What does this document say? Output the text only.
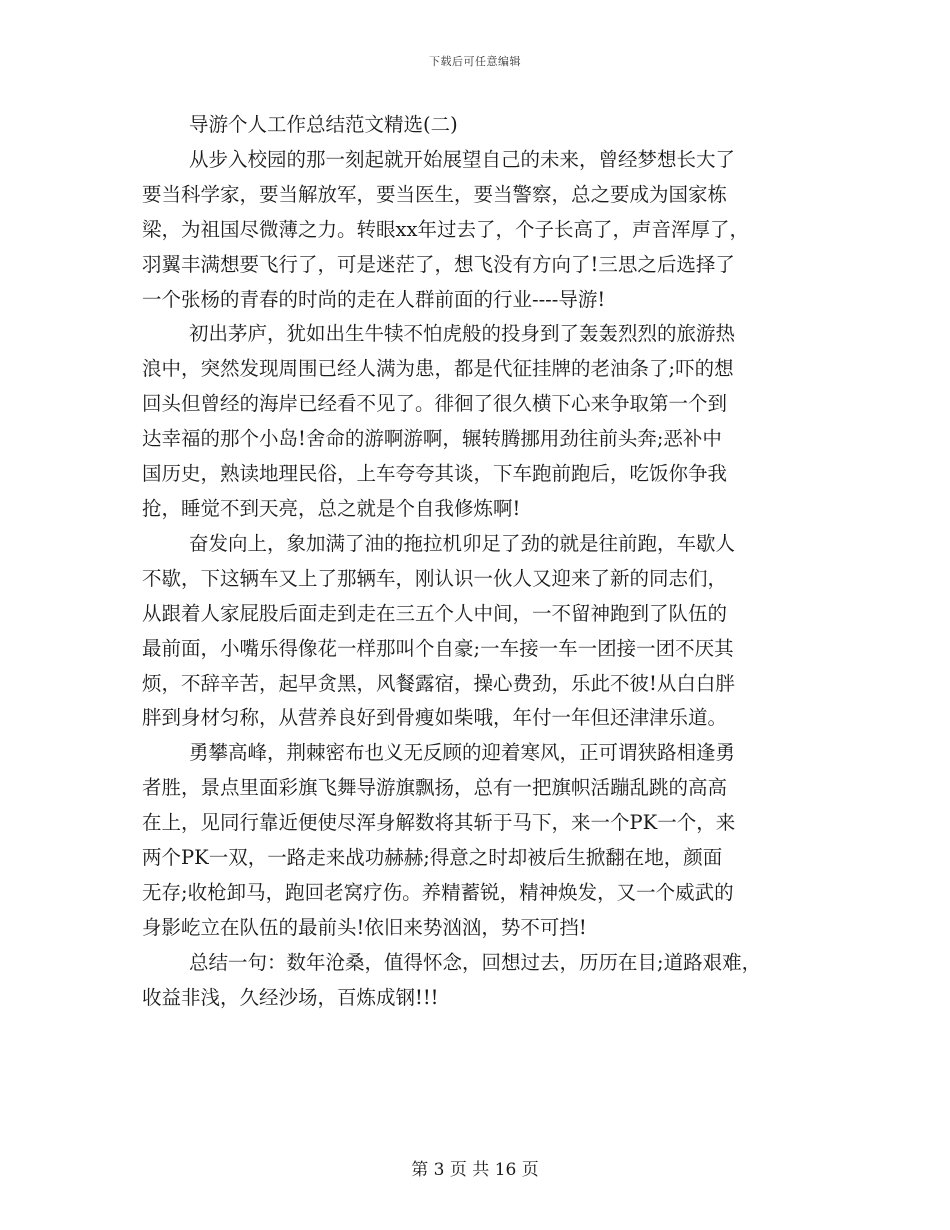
下载后可任意编辑
导游个人工作总结范文精选(二)

从步入校园的那一刻起就开始展望自己的未来，曾经梦想长大了
要当科学家，要当解放军，要当医生，要当警察，总之要成为国家栋
梁，为祖国尽微薄之力。转眼xx年过去了，个子长高了，声音浑厚了，
羽翼丰满想要飞行了，可是迷茫了，想飞没有方向了!三思之后选择了
一个张杨的青春的时尚的走在人群前面的行业----导游!

初出茅庐，犹如出生牛犊不怕虎般的投身到了轰轰烈烈的旅游热
浪中，突然发现周围已经人满为患，都是代征挂牌的老油条了;吓的想
回头但曾经的海岸已经看不见了。徘徊了很久横下心来争取第一个到
达幸福的那个小岛!舍命的游啊游啊，辗转腾挪用劲往前头奔;恶补中
国历史，熟读地理民俗，上车夸夸其谈，下车跑前跑后，吃饭你争我
抢，睡觉不到天亮，总之就是个自我修炼啊!

奋发向上，象加满了油的拖拉机卯足了劲的就是往前跑，车歇人
不歇，下这辆车又上了那辆车，刚认识一伙人又迎来了新的同志们，
从跟着人家屁股后面走到走在三五个人中间，一不留神跑到了队伍的
最前面，小嘴乐得像花一样那叫个自豪;一车接一车一团接一团不厌其
烦，不辞辛苦，起早贪黑，风餐露宿，操心费劲，乐此不彼!从白白胖
胖到身材匀称，从营养良好到骨瘦如柴哦，年付一年但还津津乐道。

勇攀高峰，荆棘密布也义无反顾的迎着寒风，正可谓狭路相逢勇
者胜，景点里面彩旗飞舞导游旗飘扬，总有一把旗帜活蹦乱跳的高高
在上，见同行靠近便使尽浑身解数将其斩于马下，来一个PK一个，来
两个PK一双，一路走来战功赫赫;得意之时却被后生掀翻在地，颜面
无存;收枪卸马，跑回老窝疗伤。养精蓄锐，精神焕发，又一个威武的
身影屹立在队伍的最前头!依旧来势汹汹，势不可挡!

总结一句：数年沧桑，值得怀念，回想过去，历历在目;道路艰难，
收益非浅，久经沙场，百炼成钢!!!

第 3 页 共 16 页
